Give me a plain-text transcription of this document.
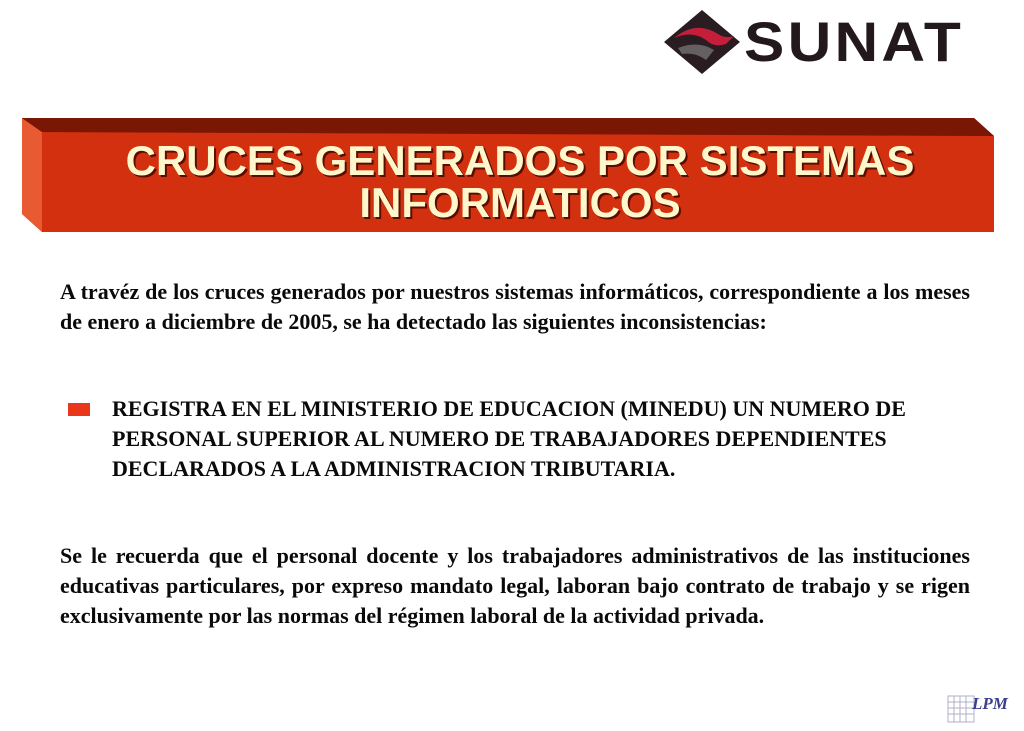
SUNAT
CRUCES GENERADOS POR SISTEMAS
INFORMATICOS
A travéz de los cruces generados por nuestros sistemas informáticos, correspondiente a los meses de enero a diciembre de 2005, se ha detectado las siguientes inconsistencias:
REGISTRA EN EL MINISTERIO DE EDUCACION (MINEDU) UN NUMERO DE PERSONAL SUPERIOR AL NUMERO DE TRABAJADORES DEPENDIENTES DECLARADOS A LA ADMINISTRACION TRIBUTARIA.
Se le recuerda que el personal docente y los trabajadores administrativos de las instituciones educativas particulares, por expreso mandato legal, laboran bajo contrato de trabajo y se rigen exclusivamente por las normas del régimen laboral de la actividad privada.
LPM
